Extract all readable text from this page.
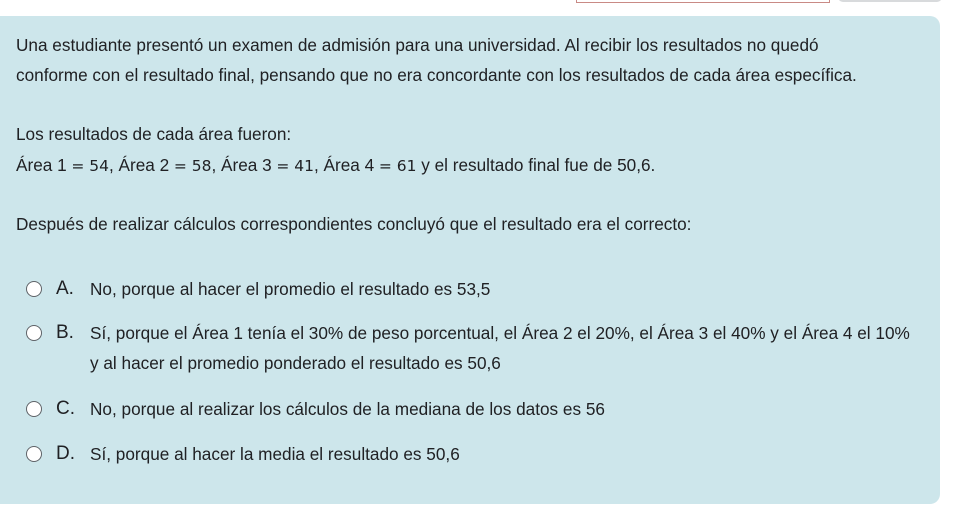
Una estudiante presentó un examen de admisión para una universidad. Al recibir los resultados no quedó

conforme con el resultado final, pensando que no era concordante con los resultados de cada área específica.

Los resultados de cada área fueron:

Área 1 = 54, Área 2 = 58, Área 3 = 41, Área 4 = 61 y el resultado final fue de 50,6.

Después de realizar cálculos correspondientes concluyó que el resultado era el correcto:

A. No, porque al hacer el promedio el resultado es 53,5
B. Sí, porque el Área 1 tenía el 30% de peso porcentual, el Área 2 el 20%, el Área 3 el 40% y el Área 4 el 10%
y al hacer el promedio ponderado el resultado es 50,6
C. No, porque al realizar los cálculos de la mediana de los datos es 56
D. Sí, porque al hacer la media el resultado es 50,6
